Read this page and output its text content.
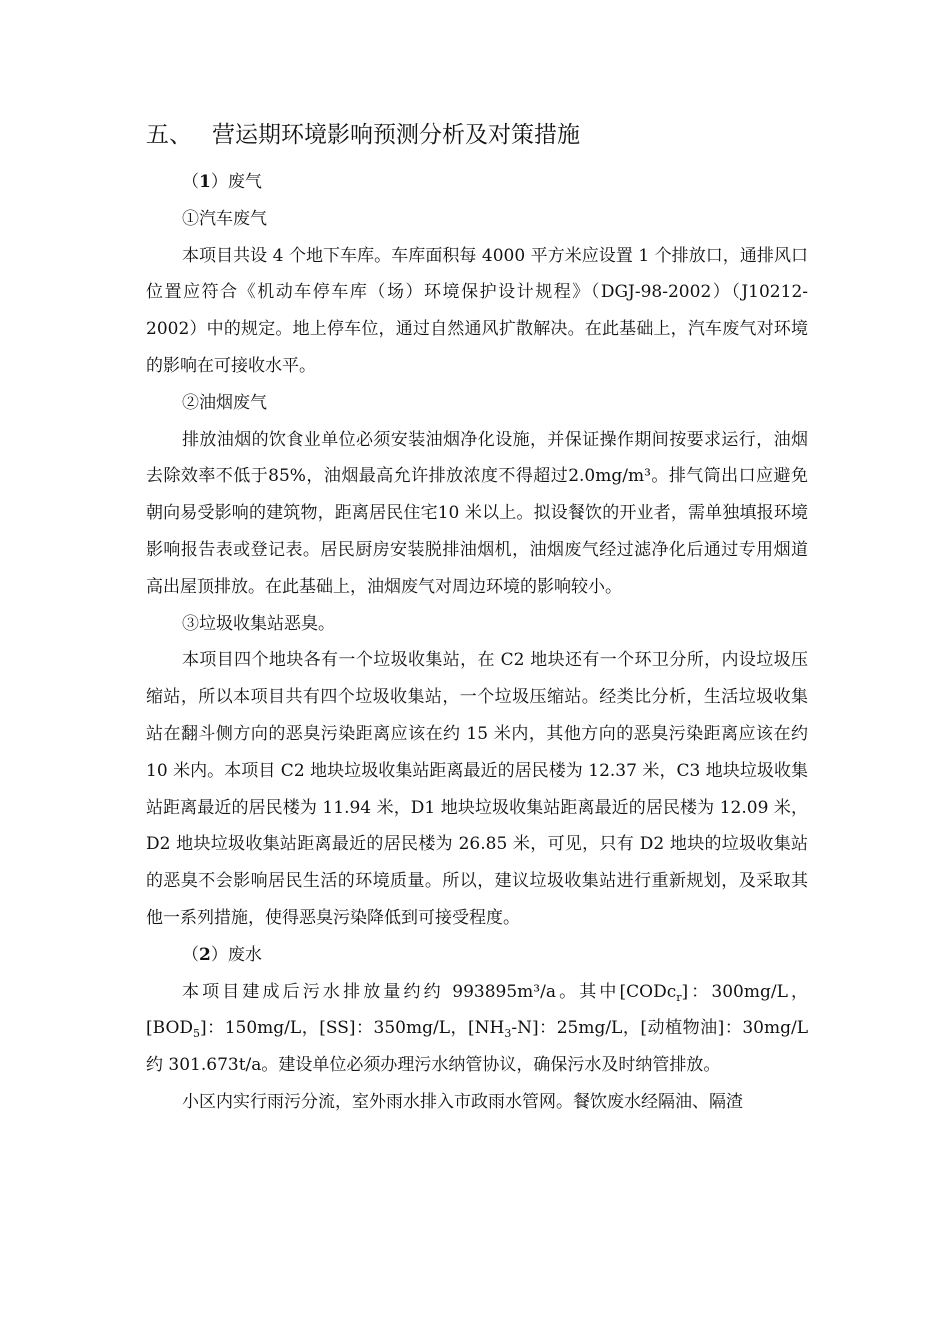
五、 营运期环境影响预测分析及对策措施

（1）废气

①汽车废气

本项目共设 4 个地下车库。车库面积每 4000 平方米应设置 1 个排放口，通排风口位置应符合《机动车停车库（场）环境保护设计规程》（DGJ-98-2002）（J10212-2002）中的规定。地上停车位，通过自然通风扩散解决。在此基础上，汽车废气对环境的影响在可接收水平。

②油烟废气

排放油烟的饮食业单位必须安装油烟净化设施，并保证操作期间按要求运行，油烟去除效率不低于85%，油烟最高允许排放浓度不得超过2.0mg/m³。排气筒出口应避免朝向易受影响的建筑物，距离居民住宅10 米以上。拟设餐饮的开业者，需单独填报环境影响报告表或登记表。居民厨房安装脱排油烟机，油烟废气经过滤净化后通过专用烟道高出屋顶排放。在此基础上，油烟废气对周边环境的影响较小。

③垃圾收集站恶臭。

本项目四个地块各有一个垃圾收集站，在 C2 地块还有一个环卫分所，内设垃圾压缩站，所以本项目共有四个垃圾收集站，一个垃圾压缩站。经类比分析，生活垃圾收集站在翻斗侧方向的恶臭污染距离应该在约 15 米内，其他方向的恶臭污染距离应该在约 10 米内。本项目 C2 地块垃圾收集站距离最近的居民楼为 12.37 米，C3 地块垃圾收集站距离最近的居民楼为 11.94 米，D1 地块垃圾收集站距离最近的居民楼为 12.09 米，D2 地块垃圾收集站距离最近的居民楼为 26.85 米，可见，只有 D2 地块的垃圾收集站的恶臭不会影响居民生活的环境质量。所以，建议垃圾收集站进行重新规划，及采取其他一系列措施，使得恶臭污染降低到可接受程度。

（2）废水

本项目建成后污水排放量约约 993895m³/a。其中[CODc$_r$]：300mg/L，$[BOD_5]$：150mg/L，[SS]：350mg/L，$[NH_3-N]$：25mg/L，[动植物油]：30mg/L约 301.673t/a。建设单位必须办理污水纳管协议，确保污水及时纳管排放。

小区内实行雨污分流，室外雨水排入市政雨水管网。餐饮废水经隔油、隔渣
